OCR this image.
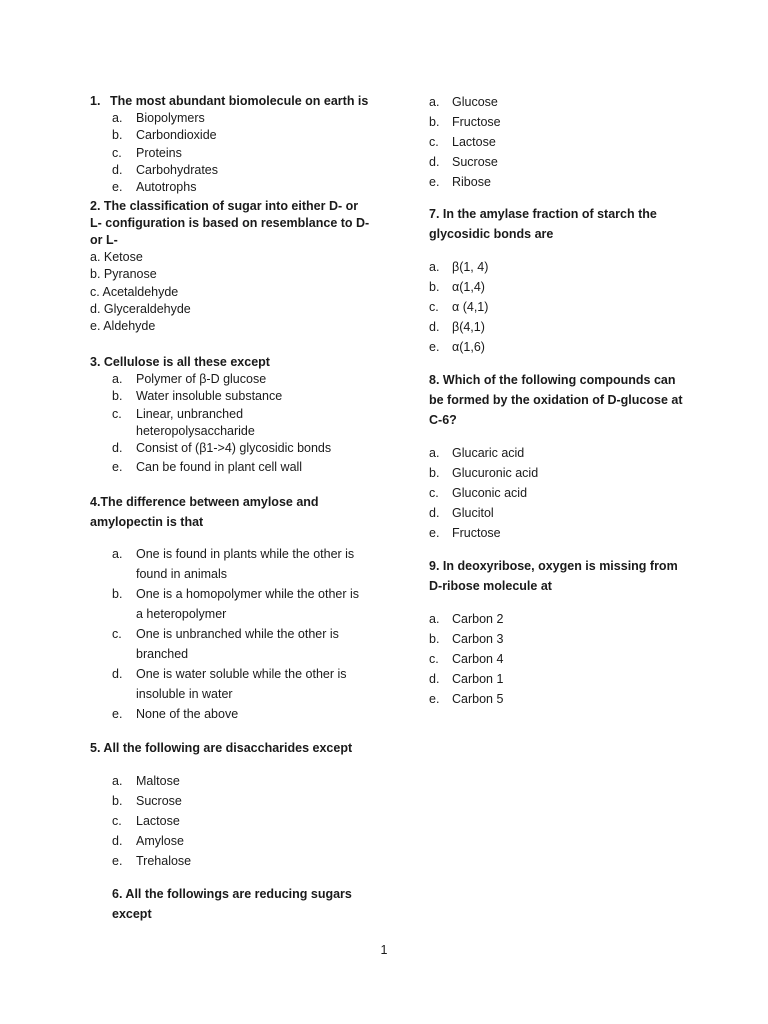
1. The most abundant biomolecule on earth is

a.	Biopolymers
b.	Carbondioxide
c.	Proteins
d.	Carbohydrates
e.	Autotrophs

2. The classification of sugar into either D- or

L- configuration is based on resemblance to D-

or L-

a. Ketose

b. Pyranose

c. Acetaldehyde

d. Glyceraldehyde

e. Aldehyde

3. Cellulose is all these except

a.	Polymer of β-D glucose
b.	Water insoluble substance
c.	Linear, unbranched heteropolysaccharide
d.	Consist of (β1->4) glycosidic bonds
e.	Can be found in plant cell wall

4.The difference between amylose and

amylopectin is that

a.	One is found in plants while the other is found in animals
b.	One is a homopolymer while the other is a heteropolymer
c.	One is unbranched while the other is branched
d.	One is water soluble while the other is insoluble in water
e.	None of the above

5. All the following are disaccharides except

a.	Maltose
b.	Sucrose
c.	Lactose
d.	Amylose
e.	Trehalose

6. All the followings are reducing sugars

except

a.	Glucose
b.	Fructose
c.	Lactose
d.	Sucrose
e.	Ribose

7. In the amylase fraction of starch the

glycosidic bonds are

a.	β(1, 4)
b.	α(1,4)
c.	α (4,1)
d.	β(4,1)
e.	α(1,6)

8. Which of the following compounds can

be formed by the oxidation of D-glucose at

C-6?

a.	Glucaric acid
b.	Glucuronic acid
c.	Gluconic acid
d.	Glucitol
e.	Fructose

9. In deoxyribose, oxygen is missing from

D-ribose molecule at

a.	Carbon 2
b.	Carbon 3
c.	Carbon 4
d.	Carbon 1
e.	Carbon 5
1
